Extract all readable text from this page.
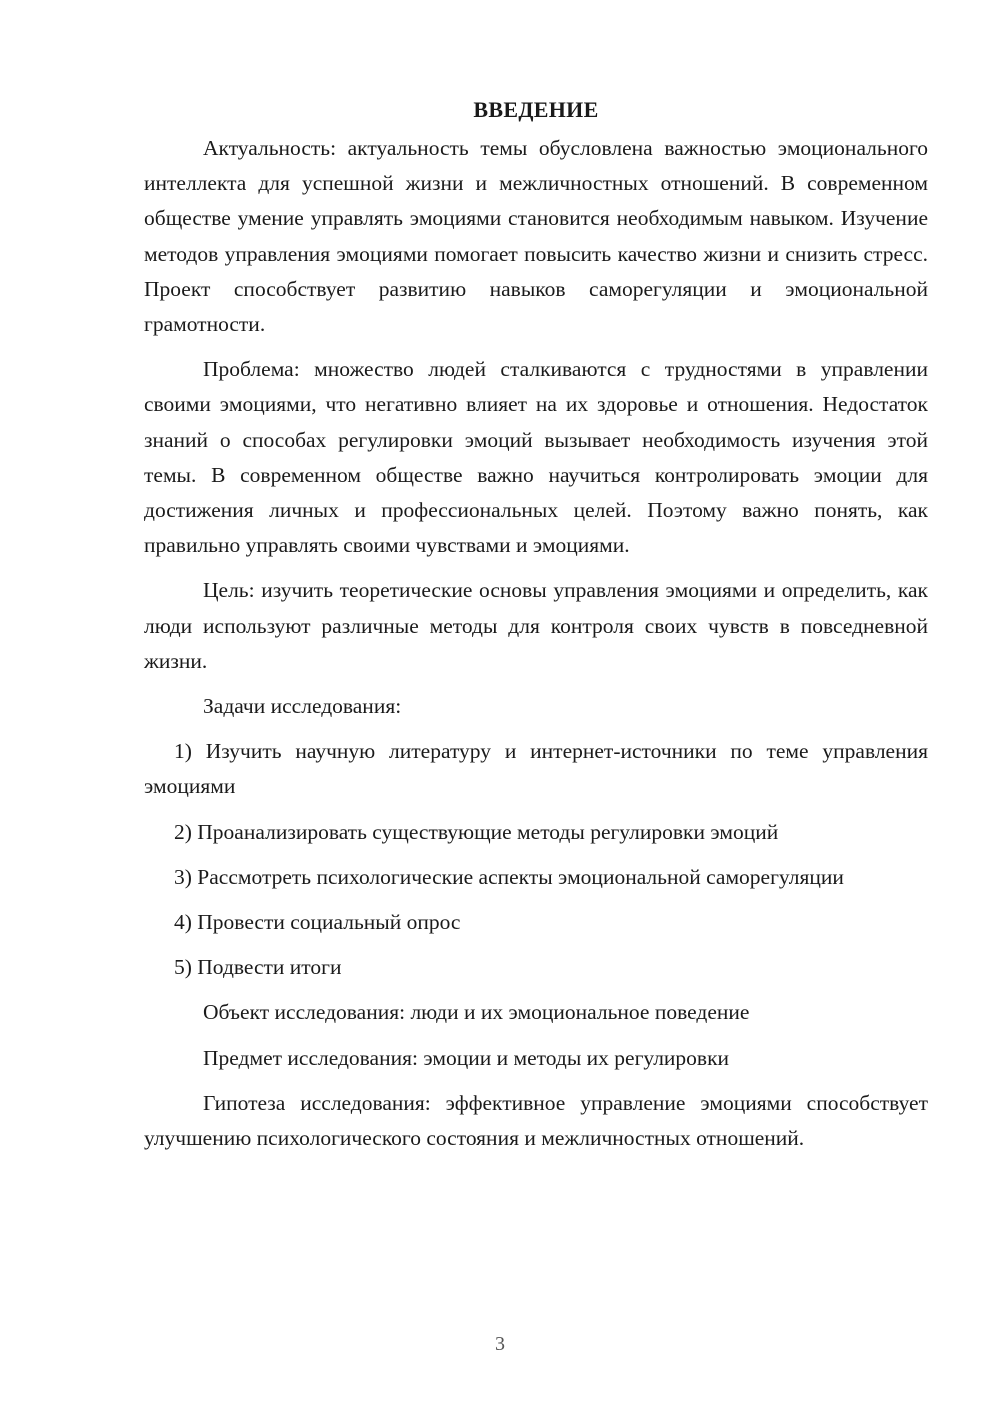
ВВЕДЕНИЕ

Актуальность: актуальность темы обусловлена важностью эмоционального интеллекта для успешной жизни и межличностных отношений. В современном обществе умение управлять эмоциями становится необходимым навыком. Изучение методов управления эмоциями помогает повысить качество жизни и снизить стресс. Проект способствует развитию навыков саморегуляции и эмоциональной грамотности.

Проблема: множество людей сталкиваются с трудностями в управлении своими эмоциями, что негативно влияет на их здоровье и отношения. Недостаток знаний о способах регулировки эмоций вызывает необходимость изучения этой темы. В современном обществе важно научиться контролировать эмоции для достижения личных и профессиональных целей. Поэтому важно понять, как правильно управлять своими чувствами и эмоциями.

Цель: изучить теоретические основы управления эмоциями и определить, как люди используют различные методы для контроля своих чувств в повседневной жизни.

Задачи исследования:

1) Изучить научную литературу и интернет-источники по теме управления эмоциями

2) Проанализировать существующие методы регулировки эмоций

3) Рассмотреть психологические аспекты эмоциональной саморегуляции

4) Провести социальный опрос

5) Подвести итоги

Объект исследования: люди и их эмоциональное поведение

Предмет исследования: эмоции и методы их регулировки

Гипотеза исследования: эффективное управление эмоциями способствует улучшению психологического состояния и межличностных отношений.

3
